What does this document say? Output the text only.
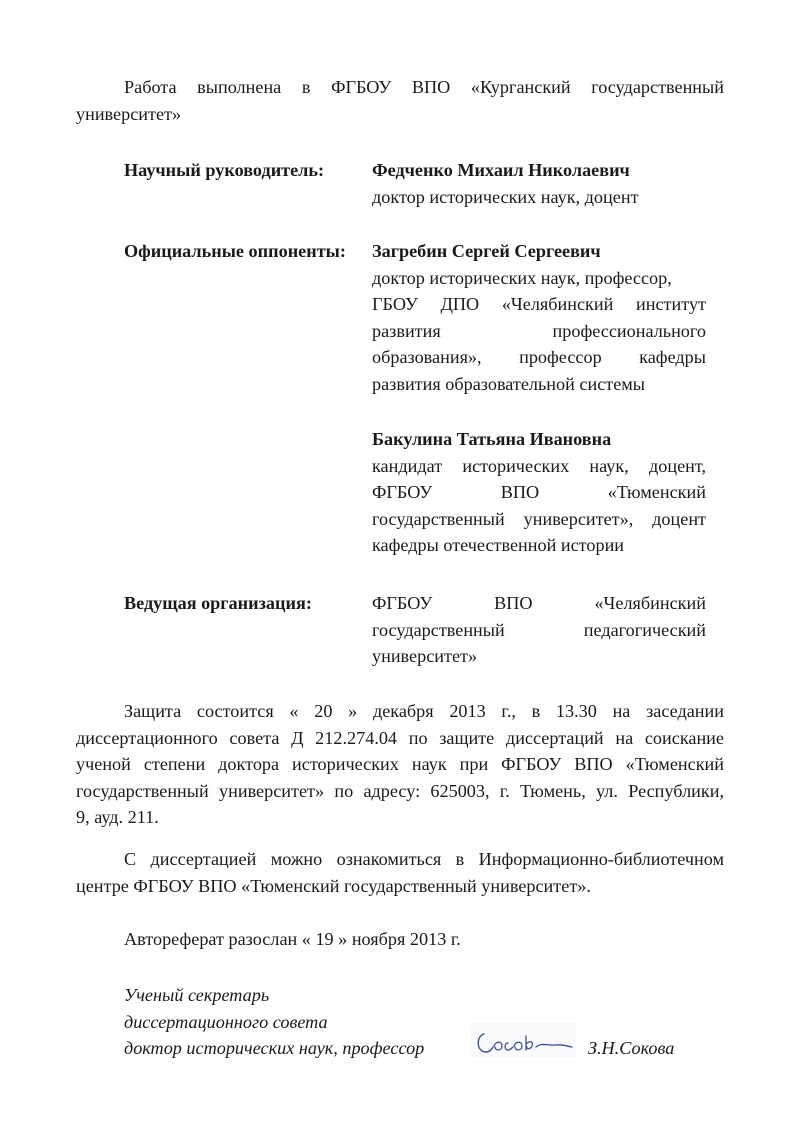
Работа выполнена в ФГБОУ ВПО «Курганский государственный
университет»
Научный руководитель:	Федченко Михаил Николаевич
доктор исторических наук, доцент
Официальные оппоненты: Загребин Сергей Сергеевич
доктор исторических наук, профессор,
ГБОУ ДПО «Челябинский институт
развития профессионального
образования», профессор кафедры
развития образовательной системы
Бакулина Татьяна Ивановна
кандидат исторических наук, доцент,
ФГБОУ ВПО «Тюменский
государственный университет», доцент
кафедры отечественной истории
Ведущая организация:	ФГБОУ ВПО «Челябинский
государственный педагогический
университет»
Защита состоится « 20 » декабря 2013 г., в 13.30 на заседании
диссертационного совета Д 212.274.04 по защите диссертаций на соискание
ученой степени доктора исторических наук при ФГБОУ ВПО «Тюменский
государственный университет» по адресу: 625003, г. Тюмень, ул. Республики,
9, ауд. 211.
С диссертацией можно ознакомиться в Информационно-библиотечном
центре ФГБОУ ВПО «Тюменский государственный университет».
Автореферат разослан « 19 » ноября 2013 г.
Ученый секретарь
диссертационного совета
доктор исторических наук, профессор	З.Н.Сокова
